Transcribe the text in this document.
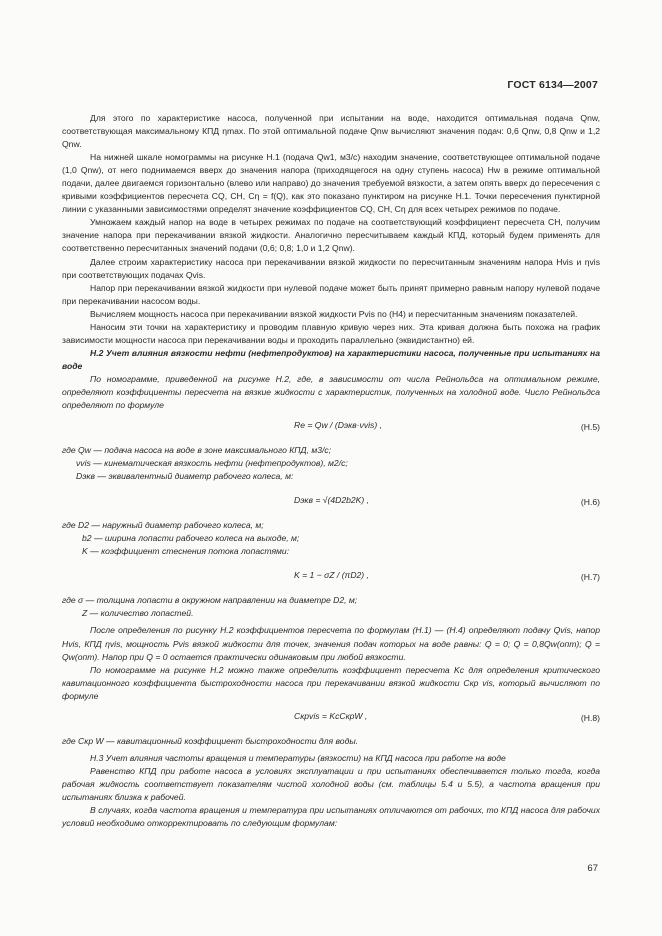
ГОСТ 6134—2007

Для этого по характеристике насоса, полученной при испытании на воде, находится оптимальная подача Qnw, соответствующая максимальному КПД ηmax. По этой оптимальной подаче Qnw вычисляют значения подач: 0,6 Qnw, 0,8 Qnw и 1,2 Qnw.

На нижней шкале номограммы на рисунке Н.1 (подача Qw1, м3/с) находим значение, соответствующее оптимальной подаче (1,0 Qnw), от него поднимаемся вверх до значения напора (приходящегося на одну ступень насоса) Hw в режиме оптимальной подачи, далее двигаемся горизонтально (влево или направо) до значения требуемой вязкости, а затем опять вверх до пересечения с кривыми коэффициентов пересчета CQ, CH, Cη = f(Q), как это показано пунктиром на рисунке Н.1. Точки пересечения пунктирной линии с указанными зависимостями определят значение коэффициентов CQ, CH, Cη для всех четырех режимов по подаче.

Умножаем каждый напор на воде в четырех режимах по подаче на соответствующий коэффициент пересчета CH, получим значение напора при перекачивании вязкой жидкости. Аналогично пересчитываем каждый КПД, который будем применять для соответственно пересчитанных значений подачи (0,6; 0,8; 1,0 и 1,2 Qnw).

Далее строим характеристику насоса при перекачивании вязкой жидкости по пересчитанным значениям напора Hvis и ηvis при соответствующих подачах Qvis.

Напор при перекачивании вязкой жидкости при нулевой подаче может быть принят примерно равным напору нулевой подаче при перекачивании насосом воды.

Вычисляем мощность насоса при перекачивании вязкой жидкости Pvis по (Н4) и пересчитанным значениям показателей.

Наносим эти точки на характеристику и проводим плавную кривую через них. Эта кривая должна быть похожа на график зависимости мощности насоса при перекачивании воды и проходить параллельно (эквидистантно) ей.

Н.2 Учет влияния вязкости нефти (нефтепродуктов) на характеристики насоса, полученные при испытаниях на воде

По номограмме, приведенной на рисунке Н.2, где, в зависимости от числа Рейнольдса на оптимальном режиме, определяют коэффициенты пересчета на вязкие жидкости с характеристик, полученных на холодной воде. Число Рейнольдса определяют по формуле

Re = Qw / (Dэкв·νvis) ,	(Н.5)
где Qw — подача насоса на воде в зоне максимального КПД, м3/с;
νvis — кинематическая вязкость нефти (нефтепродуктов), м2/с;
Dэкв — эквивалентный диаметр рабочего колеса, м:
Dэкв = √(4D2b2K) ,	(Н.6)
где D2 — наружный диаметр рабочего колеса, м;
b2 — ширина лопасти рабочего колеса на выходе, м;
K — коэффициент стеснения потока лопастями:
K = 1 − σZ / (πD2) ,	(Н.7)
где σ — толщина лопасти в окружном направлении на диаметре D2, м;
Z — количество лопастей.

После определения по рисунку Н.2 коэффициентов пересчета по формулам (Н.1) — (Н.4) определяют подачу Qvis, напор Hvis, КПД ηvis, мощность Pvis вязкой жидкости для точек, значения подач которых на воде равны: Q = 0; Q = 0,8Qw(опт); Q = Qw(опт). Напор при Q = 0 остается практически одинаковым при любой вязкости.

По номограмме на рисунке Н.2 можно также определить коэффициент пересчета Kc для определения критического кавитационного коэффициента быстроходности насоса при перекачивании вязкой жидкости Cкр vis, который вычисляют по формуле

Cкрvis = KcCкрW ,	(Н.8)
где Cкр W — кавитационный коэффициент быстроходности для воды.

Н.3 Учет влияния частоты вращения и температуры (вязкости) на КПД насоса при работе на воде

Равенство КПД при работе насоса в условиях эксплуатации и при испытаниях обеспечивается только тогда, когда рабочая жидкость соответствует показателям чистой холодной воды (см. таблицы 5.4 и 5.5), а частота вращения при испытаниях близка к рабочей.

В случаях, когда частота вращения и температура при испытаниях отличаются от рабочих, то КПД насоса для рабочих условий необходимо откорректировать по следующим формулам:

67
